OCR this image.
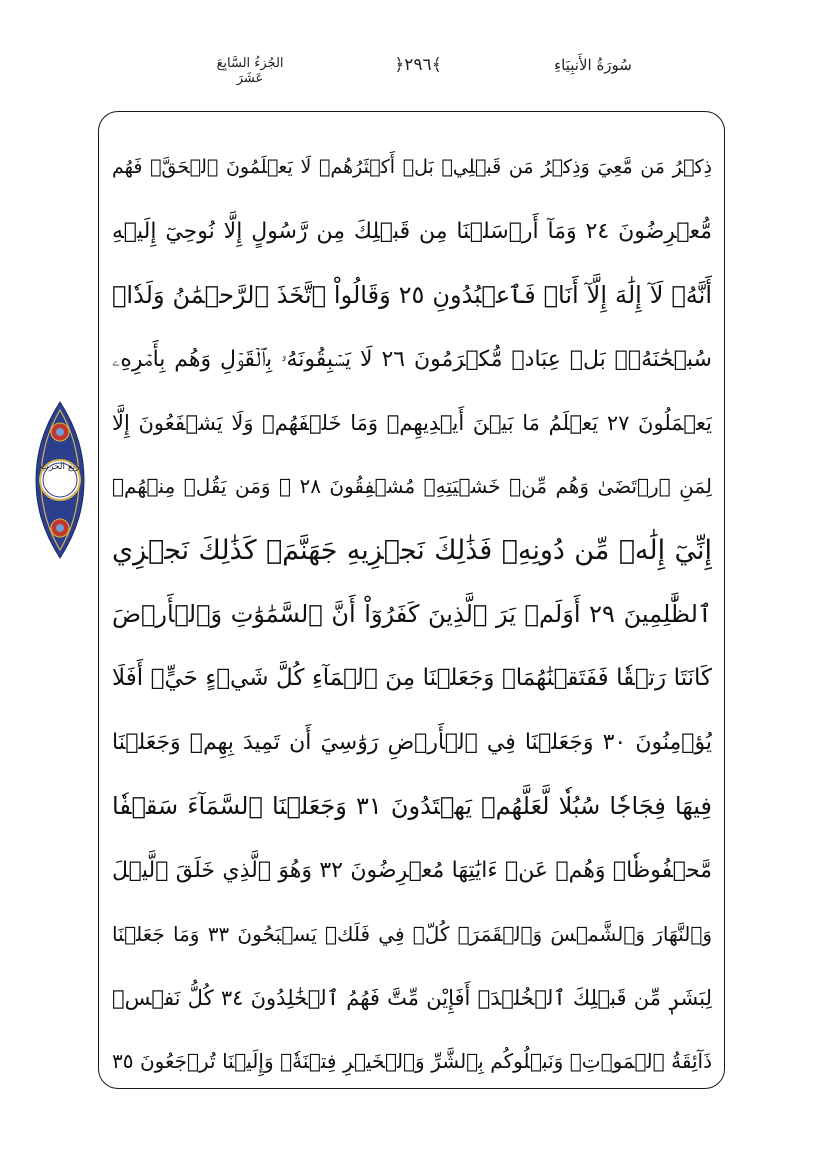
سُورَةُ الأَنبِيَاءِ
﴿٢٩٦﴾
الجُزءُ السَّابِعَ عَشَرَ
ربع الحزب
ذِكۡرُ مَن مَّعِيَ وَذِكۡرُ مَن قَبۡلِيۗ بَلۡ أَكۡثَرُهُمۡ لَا يَعۡلَمُونَ ٱلۡحَقَّۖ فَهُم
مُّعۡرِضُونَ ٢٤ وَمَآ أَرۡسَلۡنَا مِن قَبۡلِكَ مِن رَّسُولٍ إِلَّا نُوحِيٓ إِلَيۡهِ
أَنَّهُۥ لَآ إِلَٰهَ إِلَّآ أَنَا۠ فَٱعۡبُدُونِ ٢٥ وَقَالُواْ ٱتَّخَذَ ٱلرَّحۡمَٰنُ وَلَدٗاۗ
سُبۡحَٰنَهُۥۚ بَلۡ عِبَادٞ مُّكۡرَمُونَ ٢٦ لَا يَسۡبِقُونَهُۥ بِٱلۡقَوۡلِ وَهُم بِأَمۡرِهِۦ
يَعۡمَلُونَ ٢٧ يَعۡلَمُ مَا بَيۡنَ أَيۡدِيهِمۡ وَمَا خَلۡفَهُمۡ وَلَا يَشۡفَعُونَ إِلَّا
لِمَنِ ٱرۡتَضَىٰ وَهُم مِّنۡ خَشۡيَتِهِۦ مُشۡفِقُونَ ٢٨ ۞ وَمَن يَقُلۡ مِنۡهُمۡ
إِنِّيٓ إِلَٰهٞ مِّن دُونِهِۦ فَذَٰلِكَ نَجۡزِيهِ جَهَنَّمَۚ كَذَٰلِكَ نَجۡزِي
ٱلظَّٰلِمِينَ ٢٩ أَوَلَمۡ يَرَ ٱلَّذِينَ كَفَرُوٓاْ أَنَّ ٱلسَّمَٰوَٰتِ وَٱلۡأَرۡضَ
كَانَتَا رَتۡقٗا فَفَتَقۡنَٰهُمَاۖ وَجَعَلۡنَا مِنَ ٱلۡمَآءِ كُلَّ شَيۡءٍ حَيٍّۚ أَفَلَا
يُؤۡمِنُونَ ٣٠ وَجَعَلۡنَا فِي ٱلۡأَرۡضِ رَوَٰسِيَ أَن تَمِيدَ بِهِمۡ وَجَعَلۡنَا
فِيهَا فِجَاجٗا سُبُلٗا لَّعَلَّهُمۡ يَهۡتَدُونَ ٣١ وَجَعَلۡنَا ٱلسَّمَآءَ سَقۡفٗا
مَّحۡفُوظٗاۖ وَهُمۡ عَنۡ ءَايَٰتِهَا مُعۡرِضُونَ ٣٢ وَهُوَ ٱلَّذِي خَلَقَ ٱلَّيۡلَ
وَٱلنَّهَارَ وَٱلشَّمۡسَ وَٱلۡقَمَرَۖ كُلّٞ فِي فَلَكٖ يَسۡبَحُونَ ٣٣ وَمَا جَعَلۡنَا
لِبَشَرٖ مِّن قَبۡلِكَ ٱلۡخُلۡدَۖ أَفَإِيْن مِّتَّ فَهُمُ ٱلۡخَٰلِدُونَ ٣٤ كُلُّ نَفۡسٖ
ذَآئِقَةُ ٱلۡمَوۡتِۗ وَنَبۡلُوكُم بِٱلشَّرِّ وَٱلۡخَيۡرِ فِتۡنَةٗۖ وَإِلَيۡنَا تُرۡجَعُونَ ٣٥
